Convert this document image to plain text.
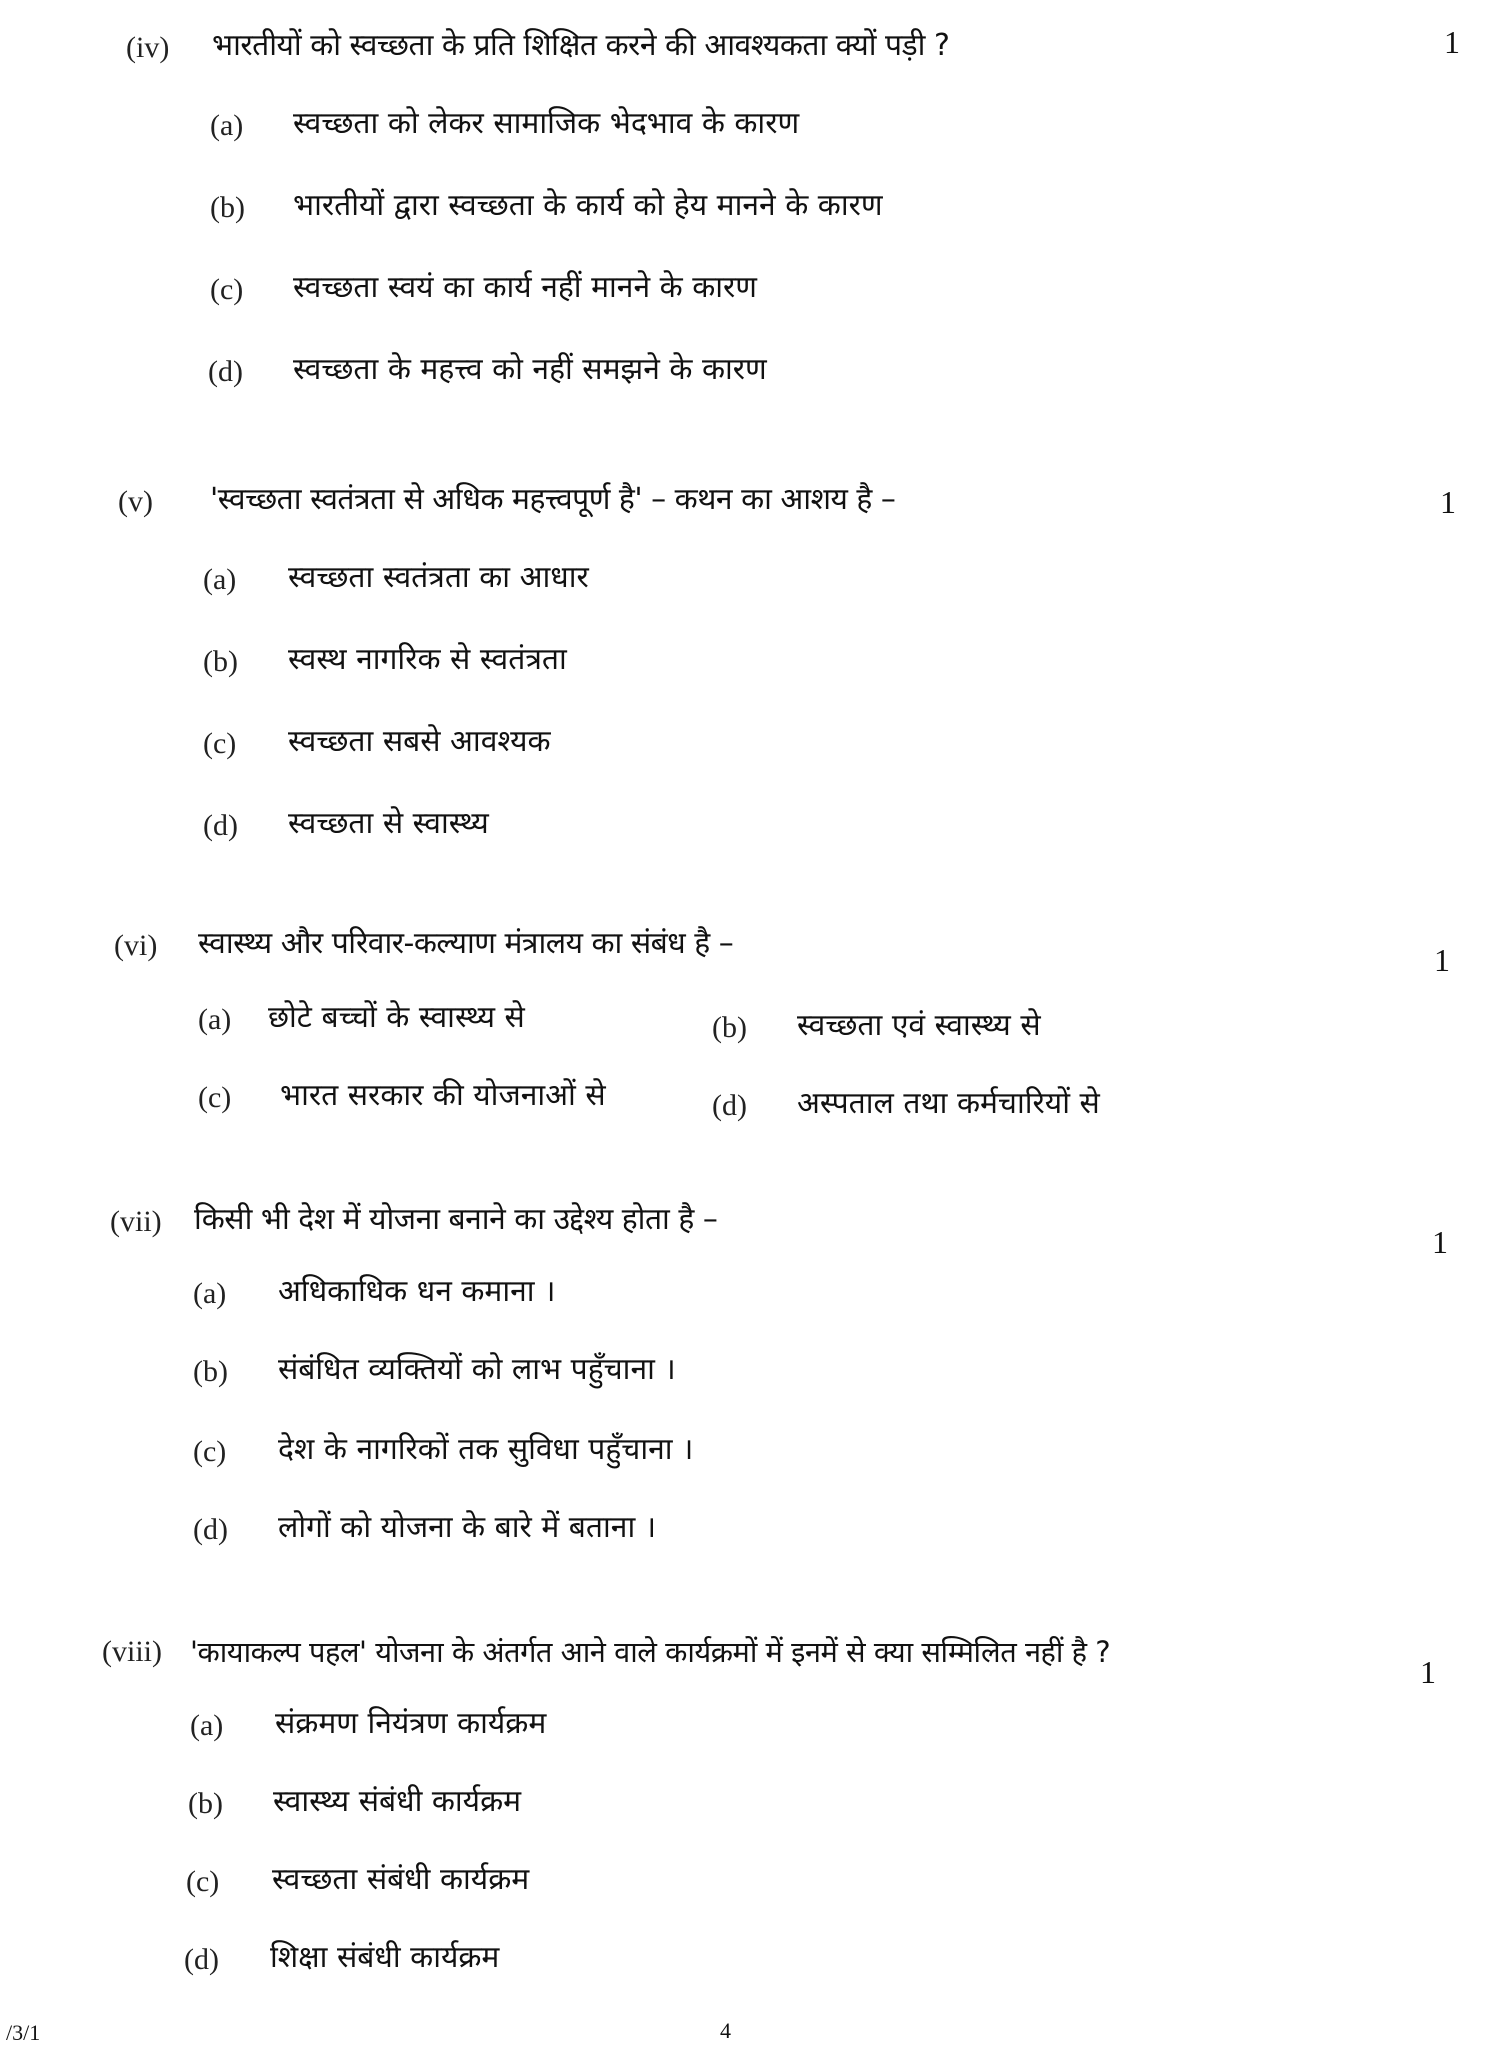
(iv) भारतीयों को स्वच्छता के प्रति शिक्षित करने की आवश्यकता क्यों पड़ी ?	1
(a) स्वच्छता को लेकर सामाजिक भेदभाव के कारण
(b) भारतीयों द्वारा स्वच्छता के कार्य को हेय मानने के कारण
(c) स्वच्छता स्वयं का कार्य नहीं मानने के कारण
(d) स्वच्छता के महत्त्व को नहीं समझने के कारण
(v) 'स्वच्छता स्वतंत्रता से अधिक महत्त्वपूर्ण है' – कथन का आशय है –	1
(a) स्वच्छता स्वतंत्रता का आधार
(b) स्वस्थ नागरिक से स्वतंत्रता
(c) स्वच्छता सबसे आवश्यक
(d) स्वच्छता से स्वास्थ्य
(vi) स्वास्थ्य और परिवार-कल्याण मंत्रालय का संबंध है –	1
(a) छोटे बच्चों के स्वास्थ्य से	(b) स्वच्छता एवं स्वास्थ्य से
(c) भारत सरकार की योजनाओं से	(d) अस्पताल तथा कर्मचारियों से
(vii) किसी भी देश में योजना बनाने का उद्देश्य होता है –
1
(a) अधिकाधिक धन कमाना ।
(b) संबंधित व्यक्तियों को लाभ पहुँचाना ।
(c) देश के नागरिकों तक सुविधा पहुँचाना ।
(d) लोगों को योजना के बारे में बताना ।
(viii) 'कायाकल्प पहल' योजना के अंतर्गत आने वाले कार्यक्रमों में इनमें से क्या सम्मिलित नहीं है ?
1
(a) संक्रमण नियंत्रण कार्यक्रम
(b) स्वास्थ्य संबंधी कार्यक्रम
(c) स्वच्छता संबंधी कार्यक्रम
(d) शिक्षा संबंधी कार्यक्रम
/3/1	4
